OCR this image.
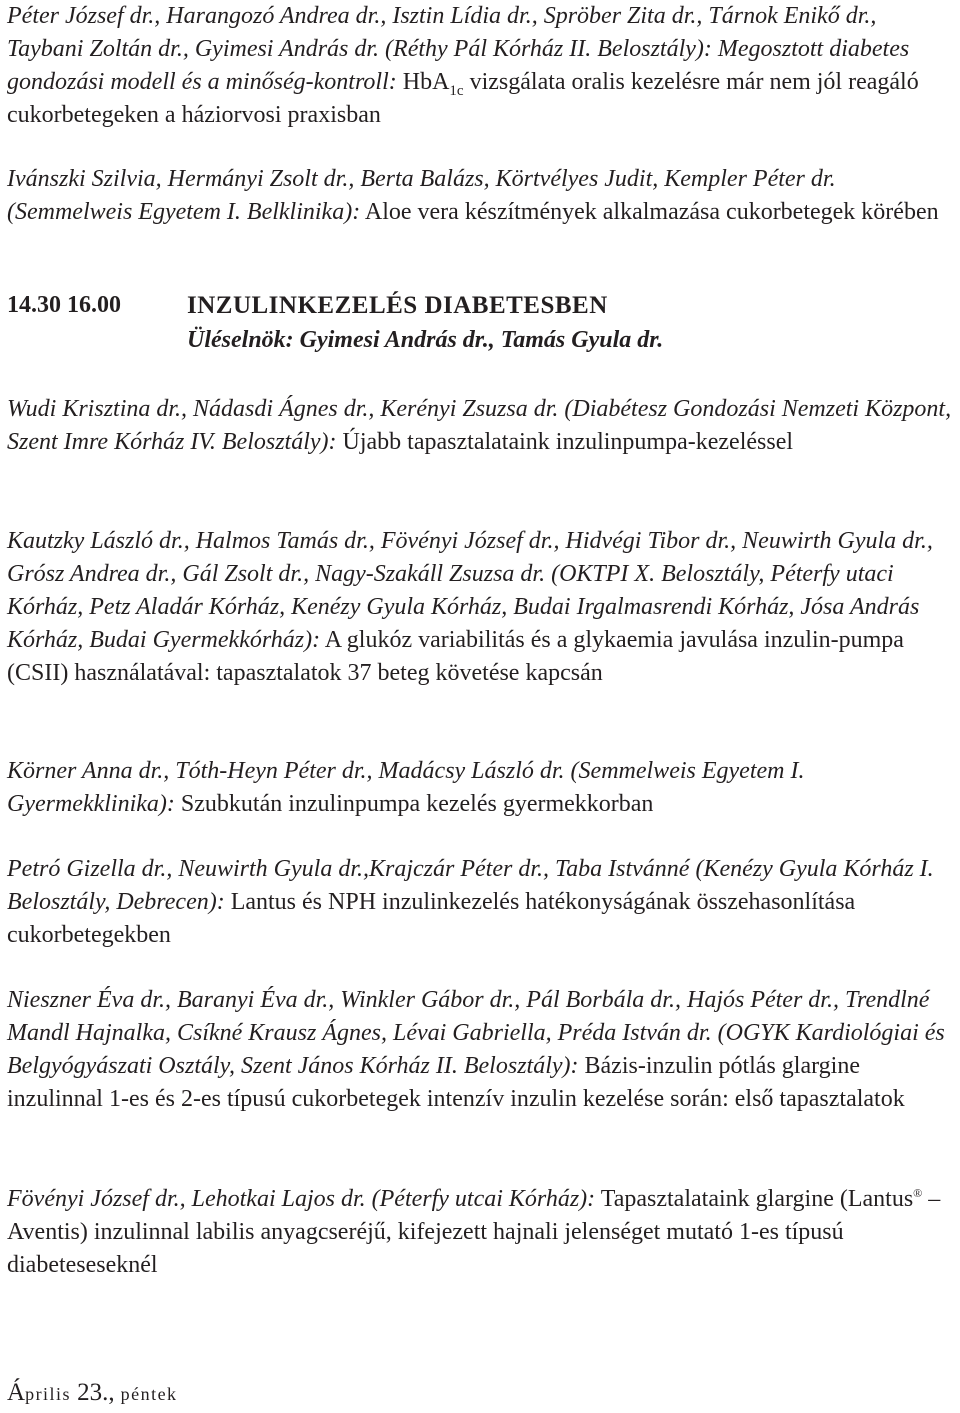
Péter József dr., Harangozó Andrea dr., Isztin Lídia dr., Spröber Zita dr., Tárnok Enikő dr., Taybani Zoltán dr., Gyimesi András dr. (Réthy Pál Kórház II. Belosztály): Megosztott diabetes gondozási modell és a minőség-kontroll: HbA$_{1c}$ vizsgálata oralis kezelésre már nem jól reagáló cukorbetegeken a háziorvosi praxisban

Ivánszki Szilvia, Hermányi Zsolt dr., Berta Balázs, Körtvélyes Judit, Kempler Péter dr. (Semmelweis Egyetem I. Belklinika): Aloe vera készítmények alkalmazása cukorbetegek körében

14.30 16.00	INZULINKEZELÉS DIABETESBEN
Üléselnök: Gyimesi András dr., Tamás Gyula dr.

Wudi Krisztina dr., Nádasdi Ágnes dr., Kerényi Zsuzsa dr. (Diabétesz Gondozási Nemzeti Központ, Szent Imre Kórház IV. Belosztály): Újabb tapasztalataink inzulinpumpa-kezeléssel

Kautzky László dr., Halmos Tamás dr., Fövényi József dr., Hidvégi Tibor dr., Neuwirth Gyula dr., Grósz Andrea dr., Gál Zsolt dr., Nagy-Szakáll Zsuzsa dr. (OKTPI X. Belosztály, Péterfy utaci Kórház, Petz Aladár Kórház, Kenézy Gyula Kórház, Budai Irgalmasrendi Kórház, Jósa András Kórház, Budai Gyermekkórház): A glukóz variabilitás és a glykaemia javulása inzulin-pumpa (CSII) használatával: tapasztalatok 37 beteg követése kapcsán

Körner Anna dr., Tóth-Heyn Péter dr., Madácsy László dr. (Semmelweis Egyetem I. Gyermekklinika): Szubkután inzulinpumpa kezelés gyermekkorban

Petró Gizella dr., Neuwirth Gyula dr.,Krajczár Péter dr., Taba Istvánné (Kenézy Gyula Kórház I. Belosztály, Debrecen): Lantus és NPH inzulinkezelés hatékonyságának összehasonlítása cukorbetegekben

Nieszner Éva dr., Baranyi Éva dr., Winkler Gábor dr., Pál Borbála dr., Hajós Péter dr., Trendlné Mandl Hajnalka, Csíkné Krausz Ágnes, Lévai Gabriella, Préda István dr. (OGYK Kardiológiai és Belgyógyászati Osztály, Szent János Kórház II. Belosztály): Bázis-inzulin pótlás glargine inzulinnal 1-es és 2-es típusú cukorbetegek intenzív inzulin kezelése során: első tapasztalatok

Fövényi József dr., Lehotkai Lajos dr. (Péterfy utcai Kórház): Tapasztalataink glargine (Lantus® – Aventis) inzulinnal labilis anyagcseréjű, kifejezett hajnali jelenséget mutató 1-es típusú diabeteseseknél

Április 23., péntek
